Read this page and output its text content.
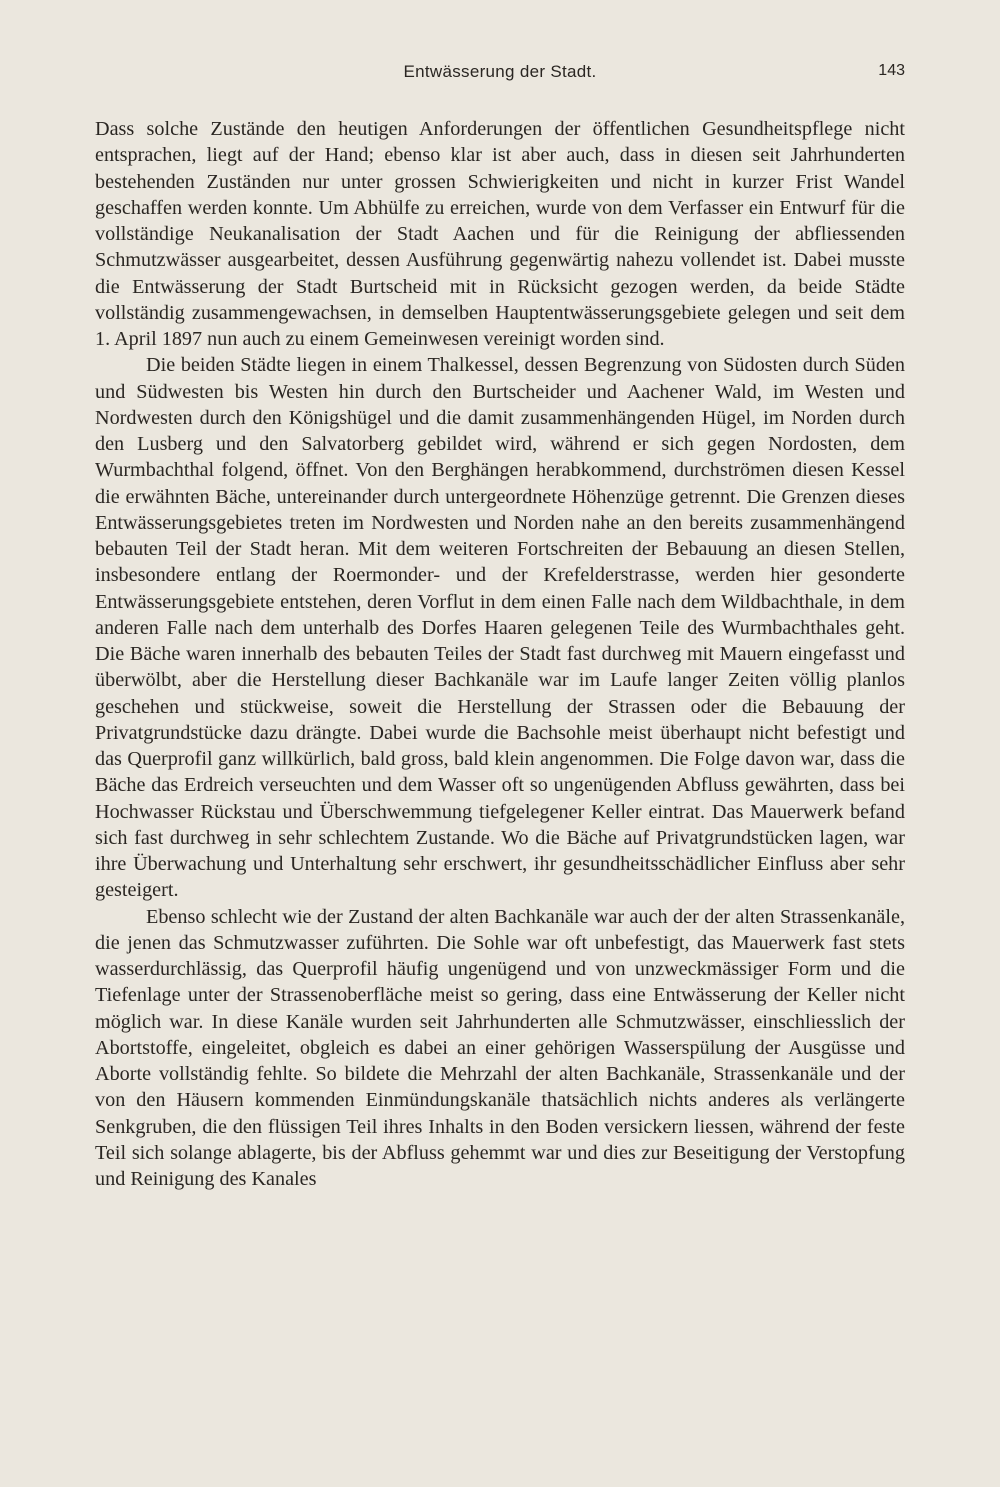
Entwässerung der Stadt.	143

Dass solche Zustände den heutigen Anforderungen der öffentlichen Gesundheitspflege nicht entsprachen, liegt auf der Hand; ebenso klar ist aber auch, dass in diesen seit Jahrhunderten bestehenden Zuständen nur unter grossen Schwierigkeiten und nicht in kurzer Frist Wandel geschaffen werden konnte. Um Abhülfe zu erreichen, wurde von dem Verfasser ein Entwurf für die vollständige Neukanalisation der Stadt Aachen und für die Reinigung der abfliessenden Schmutzwässer ausgearbeitet, dessen Ausführung gegenwärtig nahezu vollendet ist. Dabei musste die Entwässerung der Stadt Burtscheid mit in Rücksicht gezogen werden, da beide Städte vollständig zusammengewachsen, in demselben Hauptentwässerungsgebiete gelegen und seit dem 1. April 1897 nun auch zu einem Gemeinwesen vereinigt worden sind.

Die beiden Städte liegen in einem Thalkessel, dessen Begrenzung von Südosten durch Süden und Südwesten bis Westen hin durch den Burtscheider und Aachener Wald, im Westen und Nordwesten durch den Königshügel und die damit zusammenhängenden Hügel, im Norden durch den Lusberg und den Salvatorberg gebildet wird, während er sich gegen Nordosten, dem Wurmbachthal folgend, öffnet. Von den Berghängen herabkommend, durchströmen diesen Kessel die erwähnten Bäche, untereinander durch untergeordnete Höhenzüge getrennt. Die Grenzen dieses Entwässerungsgebietes treten im Nordwesten und Norden nahe an den bereits zusammenhängend bebauten Teil der Stadt heran. Mit dem weiteren Fortschreiten der Bebauung an diesen Stellen, insbesondere entlang der Roermonder- und der Krefelderstrasse, werden hier gesonderte Entwässerungsgebiete entstehen, deren Vorflut in dem einen Falle nach dem Wildbachthale, in dem anderen Falle nach dem unterhalb des Dorfes Haaren gelegenen Teile des Wurmbachthales geht. Die Bäche waren innerhalb des bebauten Teiles der Stadt fast durchweg mit Mauern eingefasst und überwölbt, aber die Herstellung dieser Bachkanäle war im Laufe langer Zeiten völlig planlos geschehen und stückweise, soweit die Herstellung der Strassen oder die Bebauung der Privatgrundstücke dazu drängte. Dabei wurde die Bachsohle meist überhaupt nicht befestigt und das Querprofil ganz willkürlich, bald gross, bald klein angenommen. Die Folge davon war, dass die Bäche das Erdreich verseuchten und dem Wasser oft so ungenügenden Abfluss gewährten, dass bei Hochwasser Rückstau und Überschwemmung tiefgelegener Keller eintrat. Das Mauerwerk befand sich fast durchweg in sehr schlechtem Zustande. Wo die Bäche auf Privatgrundstücken lagen, war ihre Überwachung und Unterhaltung sehr erschwert, ihr gesundheitsschädlicher Einfluss aber sehr gesteigert.

Ebenso schlecht wie der Zustand der alten Bachkanäle war auch der der alten Strassenkanäle, die jenen das Schmutzwasser zuführten. Die Sohle war oft unbefestigt, das Mauerwerk fast stets wasserdurchlässig, das Querprofil häufig ungenügend und von unzweckmässiger Form und die Tiefenlage unter der Strassenoberfläche meist so gering, dass eine Entwässerung der Keller nicht möglich war. In diese Kanäle wurden seit Jahrhunderten alle Schmutzwässer, einschliesslich der Abortstoffe, eingeleitet, obgleich es dabei an einer gehörigen Wasserspülung der Ausgüsse und Aborte vollständig fehlte. So bildete die Mehrzahl der alten Bachkanäle, Strassenkanäle und der von den Häusern kommenden Einmündungskanäle thatsächlich nichts anderes als verlängerte Senkgruben, die den flüssigen Teil ihres Inhalts in den Boden versickern liessen, während der feste Teil sich solange ablagerte, bis der Abfluss gehemmt war und dies zur Beseitigung der Verstopfung und Reinigung des Kanales
